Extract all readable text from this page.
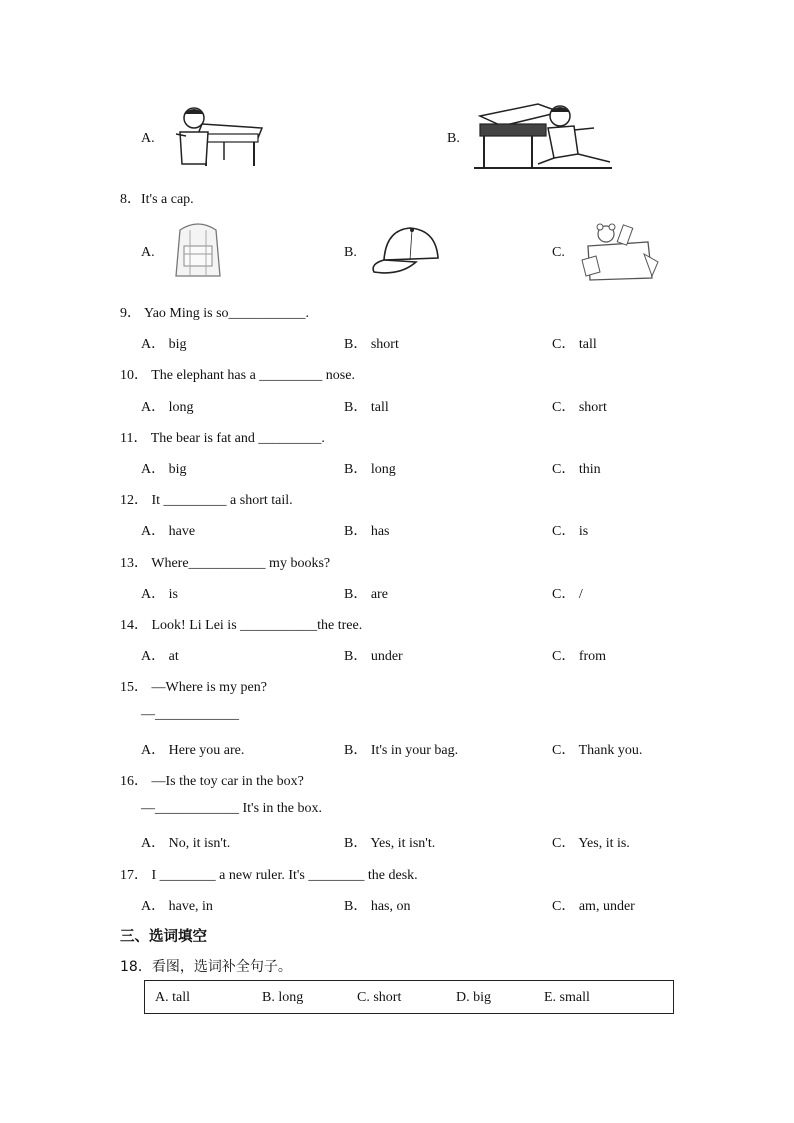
A.	B.
8．It's a cap.
A.	B.	C.
9． Yao Ming is so___________.
A． big	B． short	C． tall
10． The elephant has a _________ nose.
A． long	B． tall	C． short
11． The bear is fat and _________.
A． big	B． long	C． thin
12． It _________ a short tail.
A． have	B． has	C． is
13． Where___________ my books?
A． is	B． are	C． /
14． Look! Li Lei is ___________the tree.
A． at	B． under	C． from
15． —Where is my pen?
—____________
A． Here you are.	B． It's in your bag.	C． Thank you.
16． —Is the toy car in the box?
—____________ It's in the box.
A． No, it isn't.	B． Yes, it isn't.	C． Yes, it is.
17． I ________ a new ruler. It's ________ the desk.
A． have, in	B． has, on	C． am, under
三、选词填空
18．看图，选词补全句子。
A. tall	B. long	C. short	D. big	E. small
